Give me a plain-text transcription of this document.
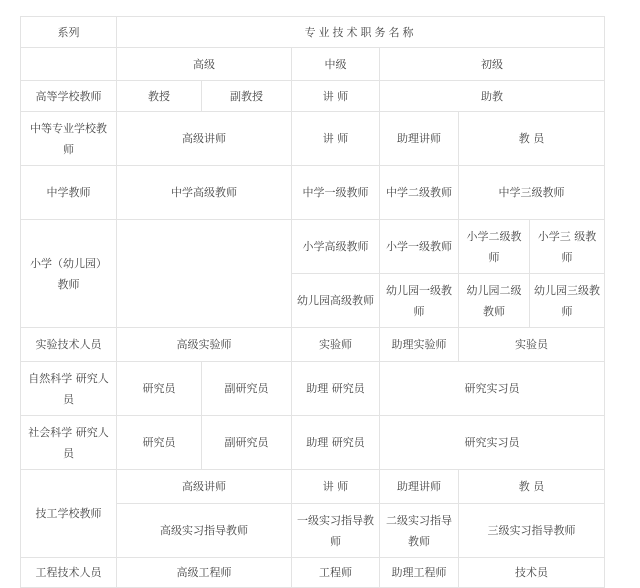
系列	专业技术职务名称					
	高级		中级	初级		
高等学校教师	教授	副教授	讲 师	助教		
中等专业学校教师	高级讲师		讲 师	助理讲师	教 员	
中学教师	中学高级教师		中学一级教师	中学二级教师	中学三级教师	
小学（幼儿园）教师			小学高级教师	小学一级教师	小学二级教师	小学三 级教师
			幼儿园高级教师	幼儿园一级教师	幼儿园二级教师	幼儿园三级教师
实验技术人员	高级实验师		实验师	助理实验师	实验员	
自然科学 研究人员	研究员	副研究员	助理 研究员	研究实习员		
社会科学 研究人员	研究员	副研究员	助理 研究员	研究实习员		
技工学校教师	高级讲师		讲 师	助理讲师	教 员	
	高级实习指导教师		一级实习指导教师	二级实习指导教师	三级实习指导教师	
工程技术人员	高级工程师		工程师	助理工程师	技术员	
